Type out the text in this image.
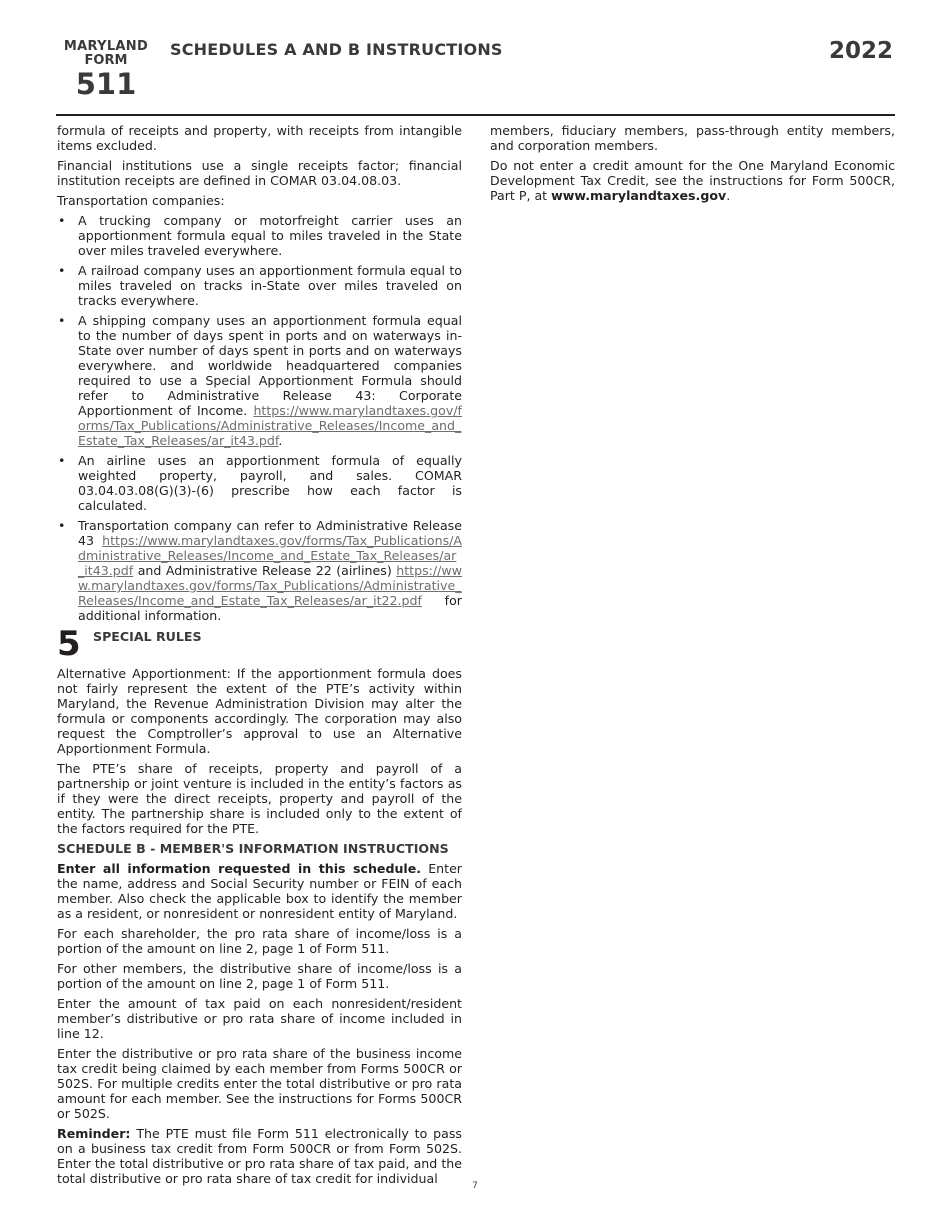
MARYLAND
FORM
511
SCHEDULES A AND B INSTRUCTIONS	2022

formula of receipts and property, with receipts from intangible items excluded.

Financial institutions use a single receipts factor; financial institution receipts are defined in COMAR 03.04.08.03.

Transportation companies:

• A trucking company or motorfreight carrier uses an apportionment formula equal to miles traveled in the State over miles traveled everywhere.
• A railroad company uses an apportionment formula equal to miles traveled on tracks in-State over miles traveled on tracks everywhere.
• A shipping company uses an apportionment formula equal to the number of days spent in ports and on waterways in-State over number of days spent in ports and on waterways everywhere. and worldwide headquartered companies required to use a Special Apportionment Formula should refer to Administrative Release 43: Corporate Apportionment of Income. https://www.marylandtaxes.gov/forms/Tax_Publications/Administrative_Releases/Income_and_Estate_Tax_Releases/ar_it43.pdf.
• An airline uses an apportionment formula of equally weighted property, payroll, and sales. COMAR 03.04.03.08(G)(3)-(6) prescribe how each factor is calculated.
• Transportation company can refer to Administrative Release 43 https://www.marylandtaxes.gov/forms/Tax_Publications/Administrative_Releases/Income_and_Estate_Tax_Releases/ar_it43.pdf and Administrative Release 22 (airlines) https://www.marylandtaxes.gov/forms/Tax_Publications/Administrative_Releases/Income_and_Estate_Tax_Releases/ar_it22.pdf for additional information.
5 SPECIAL RULES

Alternative Apportionment: If the apportionment formula does not fairly represent the extent of the PTE’s activity within Maryland, the Revenue Administration Division may alter the formula or components accordingly. The corporation may also request the Comptroller’s approval to use an Alternative Apportionment Formula.

The PTE’s share of receipts, property and payroll of a partnership or joint venture is included in the entity’s factors as if they were the direct receipts, property and payroll of the entity. The partnership share is included only to the extent of the factors required for the PTE.

SCHEDULE B - MEMBER'S INFORMATION INSTRUCTIONS

Enter all information requested in this schedule. Enter the name, address and Social Security number or FEIN of each member. Also check the applicable box to identify the member as a resident, or nonresident or nonresident entity of Maryland.

For each shareholder, the pro rata share of income/loss is a portion of the amount on line 2, page 1 of Form 511.

For other members, the distributive share of income/loss is a portion of the amount on line 2, page 1 of Form 511.

Enter the amount of tax paid on each nonresident/resident member’s distributive or pro rata share of income included in line 12.

Enter the distributive or pro rata share of the business income tax credit being claimed by each member from Forms 500CR or 502S. For multiple credits enter the total distributive or pro rata amount for each member. See the instructions for Forms 500CR or 502S.

Reminder: The PTE must file Form 511 electronically to pass on a business tax credit from Form 500CR or from Form 502S. Enter the total distributive or pro rata share of tax paid, and the total distributive or pro rata share of tax credit for individual

members, fiduciary members, pass-through entity members, and corporation members.

Do not enter a credit amount for the One Maryland Economic Development Tax Credit, see the instructions for Form 500CR, Part P, at www.marylandtaxes.gov.

7
